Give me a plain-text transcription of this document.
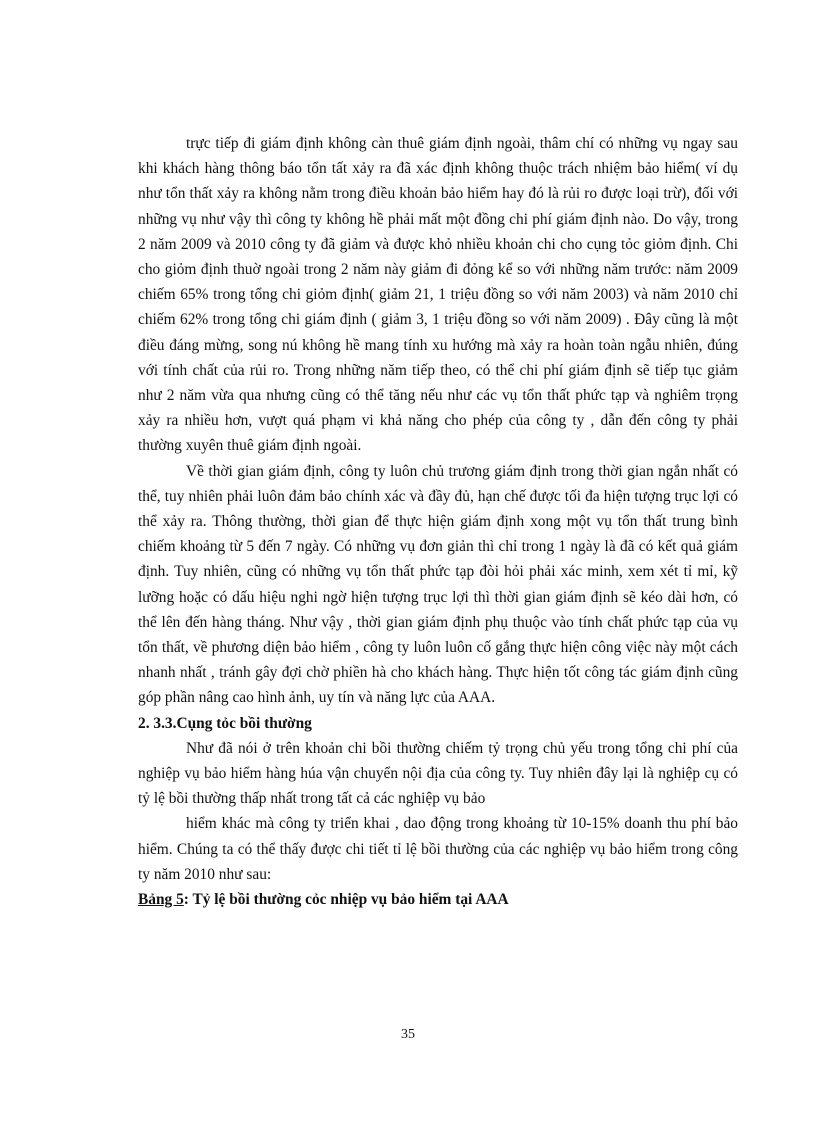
trực tiếp đi giám định không càn thuê giám định ngoài, thâm chí có những vụ ngay sau khi khách hàng thông báo tổn tất xảy ra đã xác định không thuộc trách nhiệm bảo hiểm( ví dụ như tổn thất xảy ra không nằm trong điều khoản bảo hiểm hay đó là rủi ro được loại trừ), đối với những vụ như vậy thì công ty không hề phải mất một đồng chi phí giám định nào. Do vậy, trong 2 năm 2009 và 2010 công ty đã giảm và được khỏ nhiều khoản chi cho cụng tỏc giỏm định. Chi cho giỏm định thuờ ngoài trong 2 năm này giảm đi đỏng kể so với những năm trước: năm 2009 chiếm 65% trong tổng chi giỏm định( giảm 21, 1 triệu đồng so với năm 2003) và năm 2010 chỉ chiếm 62% trong tổng chi giám định ( giảm 3, 1 triệu đồng so với năm 2009) . Đây cũng là một điều đáng mừng, song nú không hề mang tính xu hướng mà xảy ra hoàn toàn ngẫu nhiên, đúng với tính chất của rủi ro. Trong những năm tiếp theo, có thể chi phí giám định sẽ tiếp tục giảm như 2 năm vừa qua nhưng cũng có thể tăng nếu như các vụ tổn thất phức tạp và nghiêm trọng xảy ra nhiều hơn, vượt quá phạm vi khả năng cho phép của công ty , dẫn đến công ty phải thường xuyên thuê giám định ngoài.

Về thời gian giám định, công ty luôn chủ trương giám định trong thời gian ngắn nhất có thể, tuy nhiên phải luôn đảm bảo chính xác và đầy đủ, hạn chế được tối đa hiện tượng trục lợi có thể xảy ra. Thông thường, thời gian để thực hiện giám định xong một vụ tổn thất trung bình chiếm khoảng từ 5 đến 7 ngày. Có những vụ đơn giản thì chỉ trong 1 ngày là đã có kết quả giám định. Tuy nhiên, cũng có những vụ tổn thất phức tạp đòi hỏi phải xác minh, xem xét tỉ mỉ, kỹ lưỡng hoặc có dấu hiệu nghi ngờ hiện tượng trục lợi thì thời gian giám định sẽ kéo dài hơn, có thể lên đến hàng tháng. Như vậy , thời gian giám định phụ thuộc vào tính chất phức tạp của vụ tổn thất, về phương diện bảo hiểm , công ty luôn luôn cố gắng thực hiện công việc này một cách nhanh nhất , tránh gây đợi chờ phiền hà cho khách hàng. Thực hiện tốt công tác giám định cũng góp phần nâng cao hình ảnh, uy tín và năng lực của AAA.

2. 3.3.Cụng tỏc bồi thường

Như đã nói ở trên khoản chi bồi thường chiếm tỷ trọng chủ yếu trong tổng chi phí của nghiệp vụ bảo hiểm hàng húa vận chuyển nội địa của công ty. Tuy nhiên đây lại là nghiệp cụ có tỷ lệ bồi thường thấp nhất trong tất cả các nghiệp vụ bảo

hiểm khác mà công ty triển khai , dao động trong khoảng từ 10-15% doanh thu phí bảo hiểm. Chúng ta có thể thấy được chi tiết tỉ lệ bồi thường của các nghiệp vụ bảo hiểm trong công ty năm 2010 như sau:

Bảng 5: Tỷ lệ bồi thường cỏc nhiệp vụ bảo hiểm tại AAA

35
